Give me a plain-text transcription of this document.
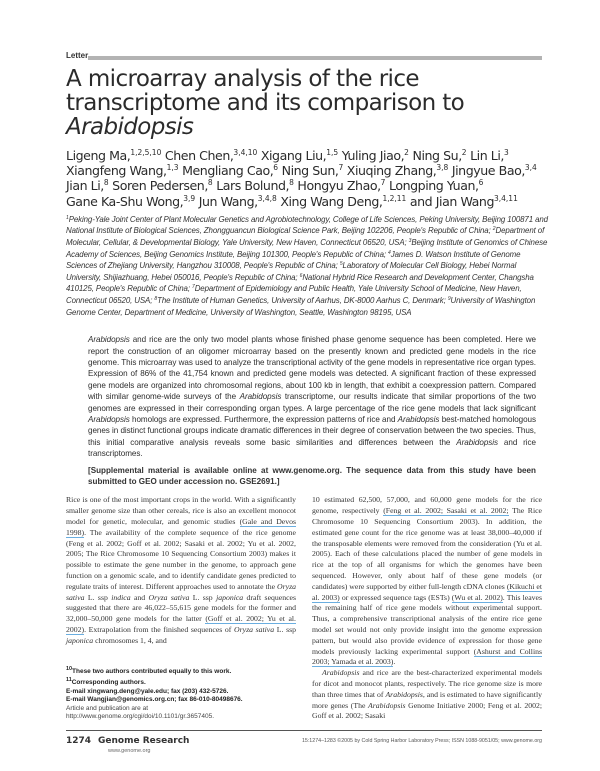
Letter
A microarray analysis of the rice transcriptome and its comparison to Arabidopsis
Ligeng Ma,$^{1,2,5,10}$ Chen Chen,$^{3,4,10}$ Xigang Liu,$^{1,5}$ Yuling Jiao,$^2$ Ning Su,$^2$ Lin Li,$^3$
Xiangfeng Wang,$^{1,3}$ Mengliang Cao,$^6$ Ning Sun,$^7$ Xiuqing Zhang,$^{3,8}$ Jingyue Bao,$^{3,4}$
Jian Li,$^8$ Soren Pedersen,$^8$ Lars Bolund,$^8$ Hongyu Zhao,$^7$ Longping Yuan,$^6$
Gane Ka-Shu Wong,$^{3,9}$ Jun Wang,$^{3,4,8}$ Xing Wang Deng,$^{1,2,11}$ and Jian Wang$^{3,4,11}$
$^1$Peking-Yale Joint Center of Plant Molecular Genetics and Agrobiotechnology, College of Life Sciences, Peking University, Beijing 100871 and National Institute of Biological Sciences, Zhongguancun Biological Science Park, Beijing 102206, People's Republic of China; $^2$Department of Molecular, Cellular, & Developmental Biology, Yale University, New Haven, Connecticut 06520, USA; $^3$Beijing Institute of Genomics of Chinese Academy of Sciences, Beijing Genomics Institute, Beijing 101300, People's Republic of China; $^4$James D. Watson Institute of Genome Sciences of Zhejiang University, Hangzhou 310008, People's Republic of China; $^5$Laboratory of Molecular Cell Biology, Hebei Normal University, Shijiazhuang, Hebei 050016, People's Republic of China; $^6$National Hybrid Rice Research and Development Center, Changsha 410125, People's Republic of China; $^7$Department of Epidemiology and Public Health, Yale University School of Medicine, New Haven, Connecticut 06520, USA; $^8$The Institute of Human Genetics, University of Aarhus, DK-8000 Aarhus C, Denmark; $^9$University of Washington Genome Center, Department of Medicine, University of Washington, Seattle, Washington 98195, USA
Arabidopsis and rice are the only two model plants whose finished phase genome sequence has been completed. Here we report the construction of an oligomer microarray based on the presently known and predicted gene models in the rice genome. This microarray was used to analyze the transcriptional activity of the gene models in representative rice organ types. Expression of 86% of the 41,754 known and predicted gene models was detected. A significant fraction of these expressed gene models are organized into chromosomal regions, about 100 kb in length, that exhibit a coexpression pattern. Compared with similar genome-wide surveys of the Arabidopsis transcriptome, our results indicate that similar proportions of the two genomes are expressed in their corresponding organ types. A large percentage of the rice gene models that lack significant Arabidopsis homologs are expressed. Furthermore, the expression patterns of rice and Arabidopsis best-matched homologous genes in distinct functional groups indicate dramatic differences in their degree of conservation between the two species. Thus, this initial comparative analysis reveals some basic similarities and differences between the Arabidopsis and rice transcriptomes.
[Supplemental material is available online at www.genome.org. The sequence data from this study have been submitted to GEO under accession no. GSE2691.]

Rice is one of the most important crops in the world. With a significantly smaller genome size than other cereals, rice is also an excellent monocot model for genetic, molecular, and genomic studies (Gale and Devos 1998). The availability of the complete sequence of the rice genome (Feng et al. 2002; Goff et al. 2002; Sasaki et al. 2002; Yu et al. 2002, 2005; The Rice Chromosome 10 Sequencing Consortium 2003) makes it possible to estimate the gene number in the genome, to approach gene function on a genomic scale, and to identify candidate genes predicted to regulate traits of interest. Different approaches used to annotate the Oryza sativa L. ssp indica and Oryza sativa L. ssp japonica draft sequences suggested that there are 46,022–55,615 gene models for the former and 32,000–50,000 gene models for the latter (Goff et al. 2002; Yu et al. 2002). Extrapolation from the finished sequences of Oryza sativa L. ssp japonica chromosomes 1, 4, and

$^{10}$These two authors contributed equally to this work.
$^{11}$Corresponding authors.
E-mail xingwang.deng@yale.edu; fax (203) 432-5726.
E-mail Wangjian@genomics.org.cn; fax 86-010-80498676.
Article and publication are at http://www.genome.org/cgi/doi/10.1101/gr.3657405.

10 estimated 62,500, 57,000, and 60,000 gene models for the rice genome, respectively (Feng et al. 2002; Sasaki et al. 2002; The Rice Chromosome 10 Sequencing Consortium 2003). In addition, the estimated gene count for the rice genome was at least 38,000–40,000 if the transposable elements were removed from the consideration (Yu et al. 2005). Each of these calculations placed the number of gene models in rice at the top of all organisms for which the genomes have been sequenced. However, only about half of these gene models (or candidates) were supported by either full-length cDNA clones (Kikuchi et al. 2003) or expressed sequence tags (ESTs) (Wu et al. 2002). This leaves the remaining half of rice gene models without experimental support. Thus, a comprehensive transcriptional analysis of the entire rice gene model set would not only provide insight into the genome expression pattern, but would also provide evidence of expression for those gene models previously lacking experimental support (Ashurst and Collins 2003; Yamada et al. 2003).

Arabidopsis and rice are the best-characterized experimental models for dicot and monocot plants, respectively. The rice genome size is more than three times that of Arabidopsis, and is estimated to have significantly more genes (The Arabidopsis Genome Initiative 2000; Feng et al. 2002; Goff et al. 2002; Sasaki

1274 Genome Research
www.genome.org
15:1274–1283 ©2005 by Cold Spring Harbor Laboratory Press; ISSN 1088-9051/05; www.genome.org
